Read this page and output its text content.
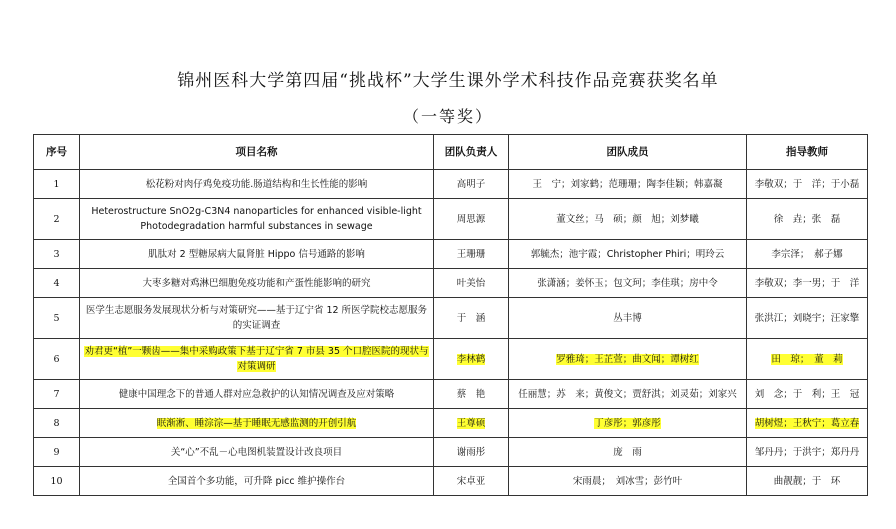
锦州医科大学第四届“挑战杯”大学生课外学术科技作品竞赛获奖名单
（一等奖）
序号	项目名称	团队负责人	团队成员	指导教师
1	松花粉对肉仔鸡免疫功能.肠道结构和生长性能的影响	高明子	王　宁；刘家鹤；范珊珊；陶李佳颖；韩嘉凝	李敬双；于　洋；于小磊
2	Heterostructure SnO2g-C3N4 nanoparticles for enhanced visible-light Photodegradation harmful substances in sewage	周思源	董文丝；马　硕；颜　旭；刘梦曦	徐　垚；张　磊
3	肌肽对 2 型糖尿病大鼠肾脏 Hippo 信号通路的影响	王珊珊	郭毓杰；池宇霞；Christopher Phiri；明玲云	李宗泽；　郝子娜
4	大枣多糖对鸡淋巴细胞免疫功能和产蛋性能影响的研究	叶美怡	张潇涵；姜怀玉；包文珂；李佳琪；房中令	李敬双；李一男；于　洋
5	医学生志愿服务发展现状分析与对策研究——基于辽宁省 12 所医学院校志愿服务的实证调查	于　涵	丛丰博	张洪江；刘晓宇；汪家擎
6	劝君更“植”一颗齿——集中采购政策下基于辽宁省 7 市县 35 个口腔医院的现状与对策调研	李林鹤	罗雅琦；王芷萱；曲文闻；谭树红	田　琼；　董　莉
7	健康中国理念下的普通人群对应急救护的认知情况调查及应对策略	蔡　艳	任丽慧；苏　来；黄俊文；贾舒淇；刘灵茹；刘家兴	刘　念；于　利；王　冠
8	眠渐淅、睡淙淙—基于睡眠无感监测的开创引航	王尊硕	丁彦彤；郭彦彤	胡树煜；王秋宁；葛立春
9	关“心”不乱－心电图机装置设计改良项目	谢雨彤	庞　雨	邹丹丹；于洪宇；郑丹丹
10	全国首个多功能，可升降 picc 维护操作台	宋卓亚	宋雨晨；　刘冰雪；彭竹叶	曲靓靓；于　环
